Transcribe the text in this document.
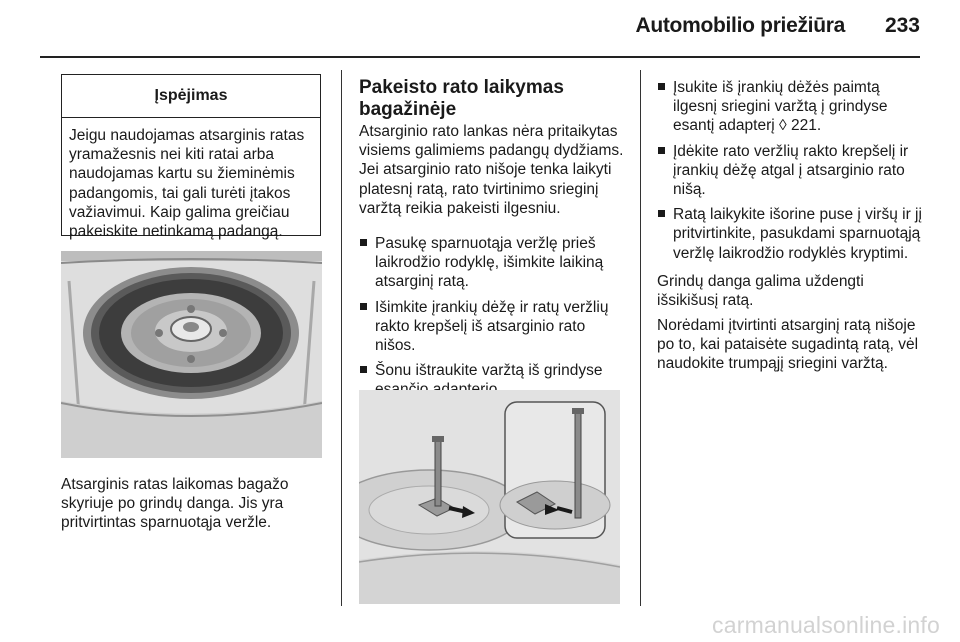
Automobilio priežiūra	233
Įspėjimas
Jeigu naudojamas atsarginis ratas yramažesnis nei kiti ratai arba naudojamas kartu su žieminėmis padangomis, tai gali turėti įtakos važiavimui. Kaip galima greičiau pakeiskite netinkamą padangą.
Atsarginis ratas laikomas bagažo skyriuje po grindų danga. Jis yra pritvirtintas sparnuotąja veržle.
Pakeisto rato laikymas bagažinėje
Atsarginio rato lankas nėra pritaikytas visiems galimiems padangų dydžiams. Jei atsarginio rato nišoje tenka laikyti platesnį ratą, rato tvirtinimo srieginį varžtą reikia pakeisti ilgesniu.
Pasukę sparnuotąja veržlę prieš laikrodžio rodyklę, išimkite laikiną atsarginį ratą.
Išimkite įrankių dėžę ir ratų veržlių rakto krepšelį iš atsarginio rato nišos.
Šonu ištraukite varžtą iš grindyse
Įsukite iš įrankių dėžės paimtą ilgesnį sriegini varžtą į grindyse esantį adapterį ◊ 221.
Įdėkite rato veržlių rakto krepšelį ir įrankių dėžę atgal į atsarginio rato nišą.
Ratą laikykite išorine puse į viršų ir jį pritvirtinkite, pasukdami sparnuotąją veržlę laikrodžio rodyklės kryptimi.
Grindų danga galima uždengti išsikišusį ratą.
Norėdami įtvirtinti atsarginį ratą nišoje po to, kai pataisėte sugadintą ratą, vėl naudokite trumpąjį sriegini varžtą.
carmanualsonline.info
